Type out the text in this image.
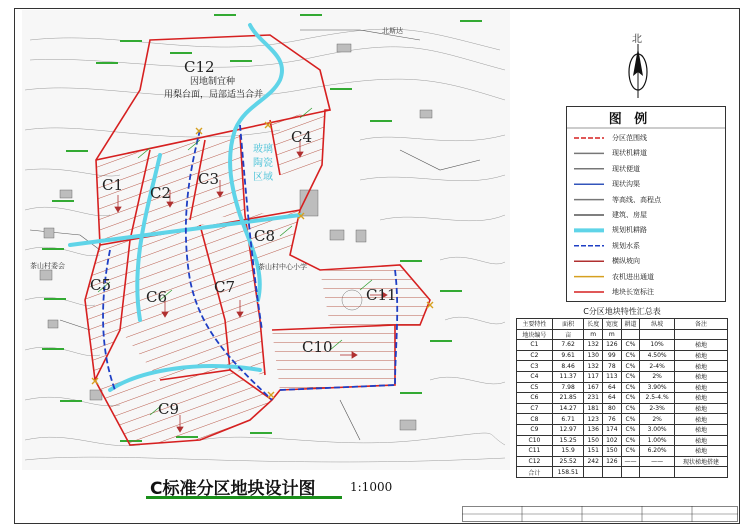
C12
因地制宜种
用梨台面，局部适当合并
C1 C2
C3
C4
C5
C6
C7
C8
C9
C10
C11
茶山村委会	茶山村中心小学
北斯达
玻璃
陶瓷
区域
北
图 例
分区范围线
现状机耕道
现状便道
现状沟渠
等高线、高程点
建筑、房屋
规划机耕路
规划水系
横纵坡向
农机进出通道
地块长宽标注
C分区地块特性汇总表
主要特性	面积	长度	宽度	耕道	纵坡	备注
地块编号	亩	m	m			
C1	7.62	132	126	C%	10%	梯地
C2	9.61	130	99	C%	4.50%	梯地
C3	8.46	132	78	C%	2-4%	梯地
C4	11.37	117	113	C%	2%	梯地
C5	7.98	167	64	C%	3.90%	梯地
C6	21.85	231	64	C%	2.5-4.%	梯地
C7	14.27	181	80	C%	2-3%	梯地
C8	6.71	123	76	C%	2%	梯地
C9	12.97	136	174	C%	3.00%	梯地
C10	15.25	150	102	C%	1.00%	梯地
C11	15.9	151	150	C%	6.20%	梯地
C12	25.52	242	126	——	——	现状梯地搭建
合计	158.51					
C标准分区地块设计图	1:1000
